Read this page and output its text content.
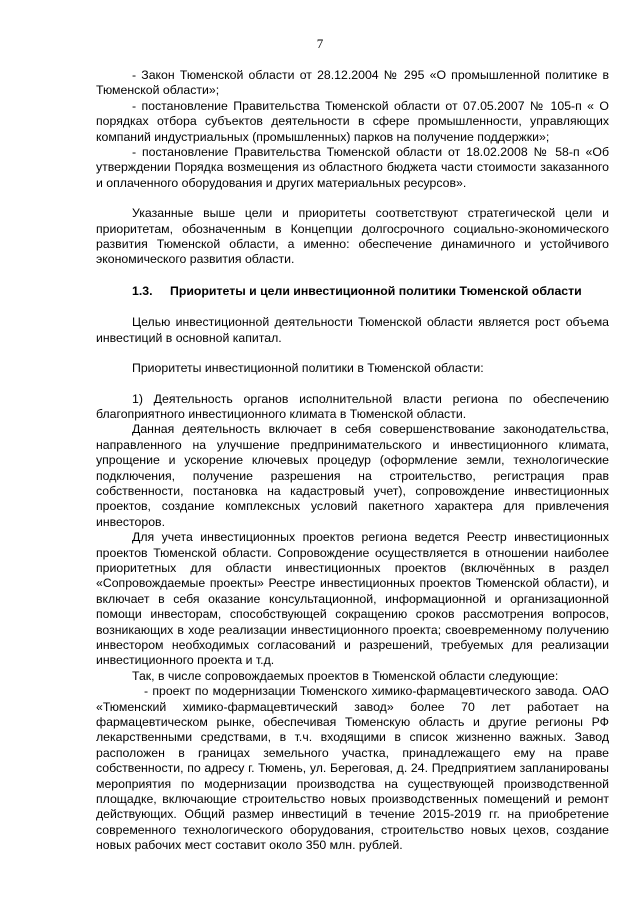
7

- Закон Тюменской области от 28.12.2004 № 295 «О промышленной политике в Тюменской области»;

- постановление Правительства Тюменской области от 07.05.2007 № 105-п « О порядках отбора субъектов деятельности в сфере промышленности, управляющих компаний индустриальных (промышленных) парков на получение поддержки»;

- постановление Правительства Тюменской области от 18.02.2008 № 58-п «Об утверждении Порядка возмещения из областного бюджета части стоимости заказанного и оплаченного оборудования и других материальных ресурсов».

Указанные выше цели и приоритеты соответствуют стратегической цели и приоритетам, обозначенным в Концепции долгосрочного социально-экономического развития Тюменской области, а именно: обеспечение динамичного и устойчивого экономического развития области.

1.3. Приоритеты и цели инвестиционной политики Тюменской области

Целью инвестиционной деятельности Тюменской области является рост объема инвестиций в основной капитал.

Приоритеты инвестиционной политики в Тюменской области:

1) Деятельность органов исполнительной власти региона по обеспечению благоприятного инвестиционного климата в Тюменской области.

Данная деятельность включает в себя совершенствование законодательства, направленного на улучшение предпринимательского и инвестиционного климата, упрощение и ускорение ключевых процедур (оформление земли, технологические подключения, получение разрешения на строительство, регистрация прав собственности, постановка на кадастровый учет), сопровождение инвестиционных проектов, создание комплексных условий пакетного характера для привлечения инвесторов.

Для учета инвестиционных проектов региона ведется Реестр инвестиционных проектов Тюменской области. Сопровождение осуществляется в отношении наиболее приоритетных для области инвестиционных проектов (включённых в раздел «Сопровождаемые проекты» Реестре инвестиционных проектов Тюменской области), и включает в себя оказание консультационной, информационной и организационной помощи инвесторам, способствующей сокращению сроков рассмотрения вопросов, возникающих в ходе реализации инвестиционного проекта; своевременному получению инвестором необходимых согласований и разрешений, требуемых для реализации инвестиционного проекта и т.д.

Так, в числе сопровождаемых проектов в Тюменской области следующие:

- проект по модернизации Тюменского химико-фармацевтического завода. ОАО «Тюменский химико-фармацевтический завод» более 70 лет работает на фармацевтическом рынке, обеспечивая Тюменскую область и другие регионы РФ лекарственными средствами, в т.ч. входящими в список жизненно важных. Завод расположен в границах земельного участка, принадлежащего ему на праве собственности, по адресу г. Тюмень, ул. Береговая, д. 24. Предприятием запланированы мероприятия по модернизации производства на существующей производственной площадке, включающие строительство новых производственных помещений и ремонт действующих. Общий размер инвестиций в течение 2015-2019 гг. на приобретение современного технологического оборудования, строительство новых цехов, создание новых рабочих мест составит около 350 млн. рублей.
